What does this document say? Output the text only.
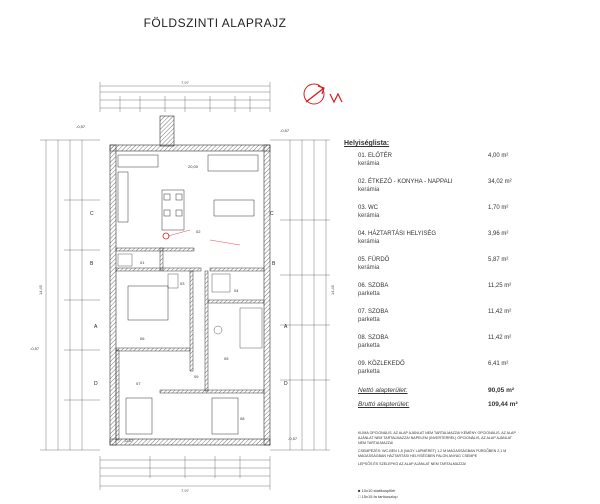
FÖLDSZINTI ALAPRAJZ
7,97
14,45	14,45
7,97
-0,57
-0,57
-0,57
-0,57
20,00
02
01
03
04
05
06
09
07
08
C	C
B	B
A	A
D	D
Helyiséglista:
01. ELŐTÉR
kerámia
4,00 m²
02. ÉTKEZŐ - KONYHA - NAPPALI
kerámia
34,02 m²
03. WC
kerámia
1,70 m²
04. HÁZTARTÁSI HELYISÉG
kerámia
3,96 m²
05. FÜRDŐ
kerámia
5,87 m²
06. SZOBA
parketta
11,25 m²
07. SZOBA
parketta
11,42 m²
08. SZOBA
parketta
11,42 m²
09. KÖZLEKEDŐ
parketta
6,41 m²
Nettó alapterület:	90,05 m²
Bruttó alapterület:	109,44 m²

KLÍMA OPCIONÁLIS, AZ ALAP AJÁNLAT NEM TARTALMAZZA! KÉMÉNY OPCIONÁLIS, AZ ALAP AJÁNLAT NEM TARTALMAZZA! NAPELEM (INVERTERREL) OPCIONÁLIS, AZ ALAP AJÁNLAT NEM TARTALMAZZA!

CSEMPÉZÉS: WC-BEN 1,5 (VAGY LAPMÉRET) 1,2 M MAGASSÁGBAN FÜRDŐBEN 2,1 M MAGASSÁGBAN HÁZTARTÁSI HELYISÉGBEN FALON ANYAG CSEMPE

LEPSŐS ÉS SZELEPKÖ AZ ALAP AJÁNLAT NEM TARTALMAZZA!

■ 10x10 statikuspillér
□ 15x15 fa tartóoszlop
